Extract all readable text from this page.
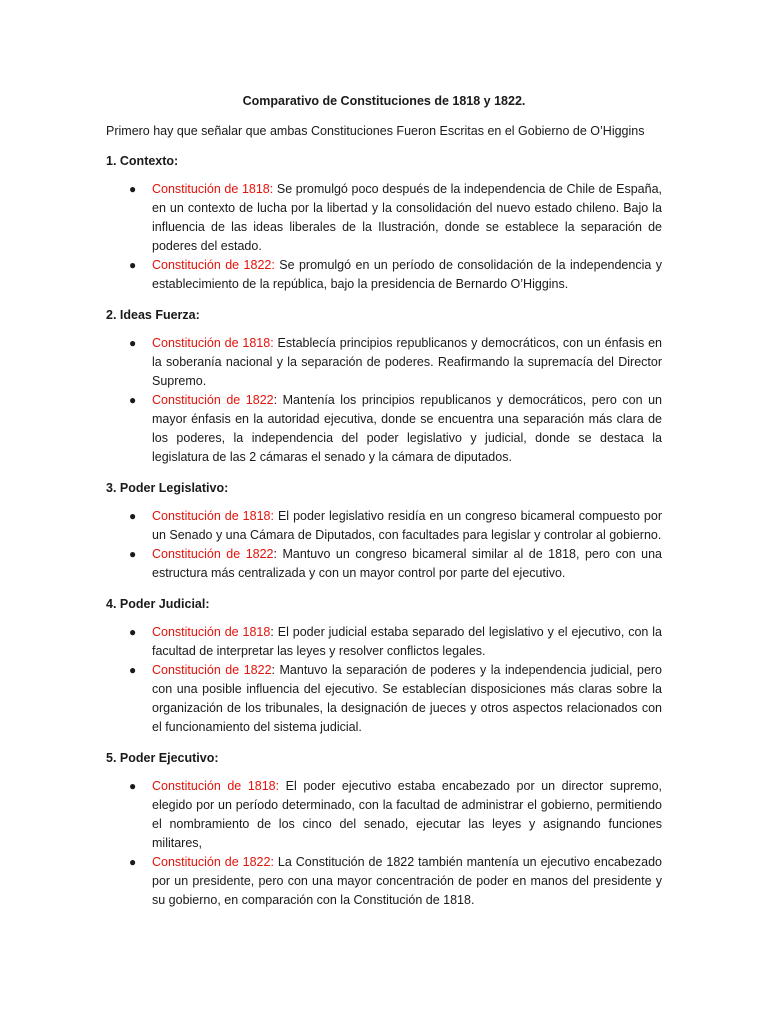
Comparativo de Constituciones de 1818 y 1822.
Primero hay que señalar que ambas Constituciones Fueron Escritas en el Gobierno de O’Higgins
1. Contexto:
● Constitución de 1818: Se promulgó poco después de la independencia de Chile de España, en un contexto de lucha por la libertad y la consolidación del nuevo estado chileno. Bajo la influencia de las ideas liberales de la Ilustración, donde se establece la separación de poderes del estado.
● Constitución de 1822: Se promulgó en un período de consolidación de la independencia y establecimiento de la república, bajo la presidencia de Bernardo O’Higgins.
2. Ideas Fuerza:
● Constitución de 1818: Establecía principios republicanos y democráticos, con un énfasis en la soberanía nacional y la separación de poderes. Reafirmando la supremacía del Director Supremo.
● Constitución de 1822: Mantenía los principios republicanos y democráticos, pero con un mayor énfasis en la autoridad ejecutiva, donde se encuentra una separación más clara de los poderes, la independencia del poder legislativo y judicial, donde se destaca la legislatura de las 2 cámaras el senado y la cámara de diputados.
3. Poder Legislativo:
● Constitución de 1818: El poder legislativo residía en un congreso bicameral compuesto por un Senado y una Cámara de Diputados, con facultades para legislar y controlar al gobierno.
● Constitución de 1822: Mantuvo un congreso bicameral similar al de 1818, pero con una estructura más centralizada y con un mayor control por parte del ejecutivo.
4. Poder Judicial:
● Constitución de 1818: El poder judicial estaba separado del legislativo y el ejecutivo, con la facultad de interpretar las leyes y resolver conflictos legales.
● Constitución de 1822: Mantuvo la separación de poderes y la independencia judicial, pero con una posible influencia del ejecutivo. Se establecían disposiciones más claras sobre la organización de los tribunales, la designación de jueces y otros aspectos relacionados con el funcionamiento del sistema judicial.
5. Poder Ejecutivo:
● Constitución de 1818: El poder ejecutivo estaba encabezado por un director supremo, elegido por un período determinado, con la facultad de administrar el gobierno, permitiendo el nombramiento de los cinco del senado, ejecutar las leyes y asignando funciones militares,
● Constitución de 1822: La Constitución de 1822 también mantenía un ejecutivo encabezado por un presidente, pero con una mayor concentración de poder en manos del presidente y su gobierno, en comparación con la Constitución de 1818.
